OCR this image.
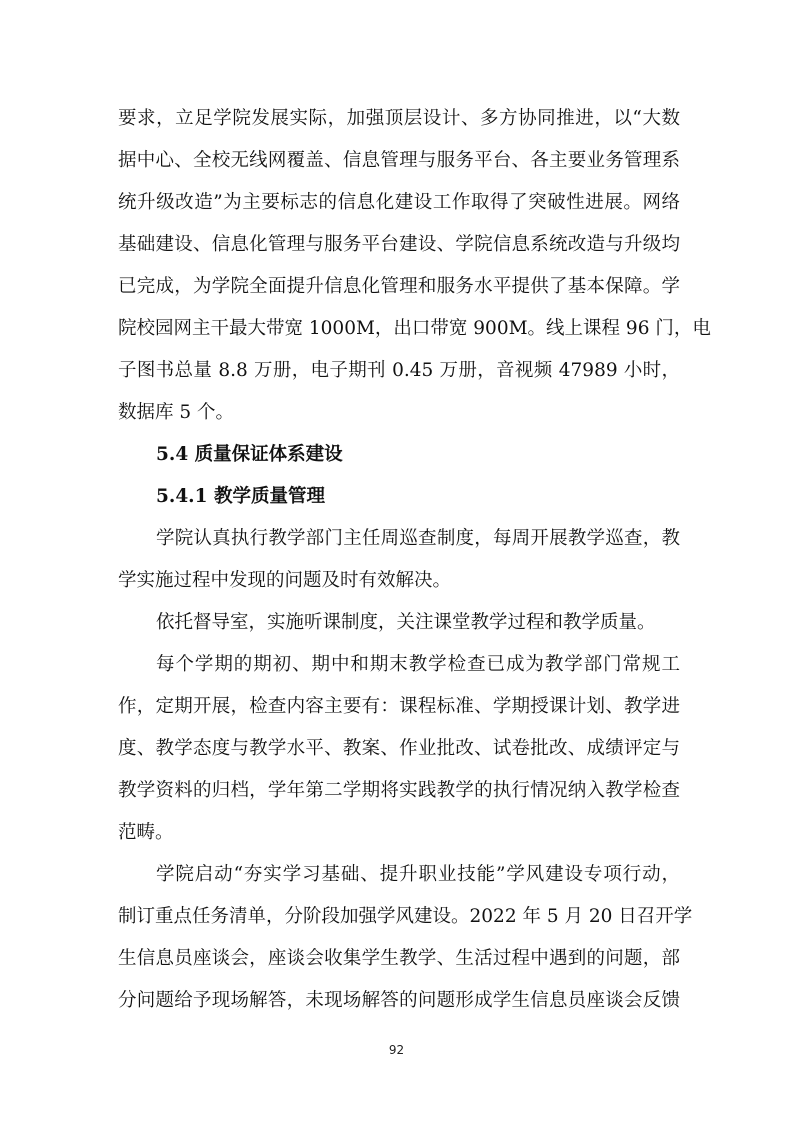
要求，立足学院发展实际，加强顶层设计、多方协同推进，以“大数

据中心、全校无线网覆盖、信息管理与服务平台、各主要业务管理系

统升级改造”为主要标志的信息化建设工作取得了突破性进展。网络

基础建设、信息化管理与服务平台建设、学院信息系统改造与升级均

已完成，为学院全面提升信息化管理和服务水平提供了基本保障。学

院校园网主干最大带宽 1000M，出口带宽 900M。线上课程 96 门，电

子图书总量 8.8 万册，电子期刊 0.45 万册，音视频 47989 小时，

数据库 5 个。

5.4 质量保证体系建设
5.4.1 教学质量管理

学院认真执行教学部门主任周巡查制度，每周开展教学巡查，教

学实施过程中发现的问题及时有效解决。

依托督导室，实施听课制度，关注课堂教学过程和教学质量。

每个学期的期初、期中和期末教学检查已成为教学部门常规工

作，定期开展，检查内容主要有：课程标准、学期授课计划、教学进

度、教学态度与教学水平、教案、作业批改、试卷批改、成绩评定与

教学资料的归档，学年第二学期将实践教学的执行情况纳入教学检查

范畴。

学院启动“夯实学习基础、提升职业技能”学风建设专项行动，

制订重点任务清单，分阶段加强学风建设。2022 年 5 月 20 日召开学

生信息员座谈会，座谈会收集学生教学、生活过程中遇到的问题，部

分问题给予现场解答，未现场解答的问题形成学生信息员座谈会反馈

92
